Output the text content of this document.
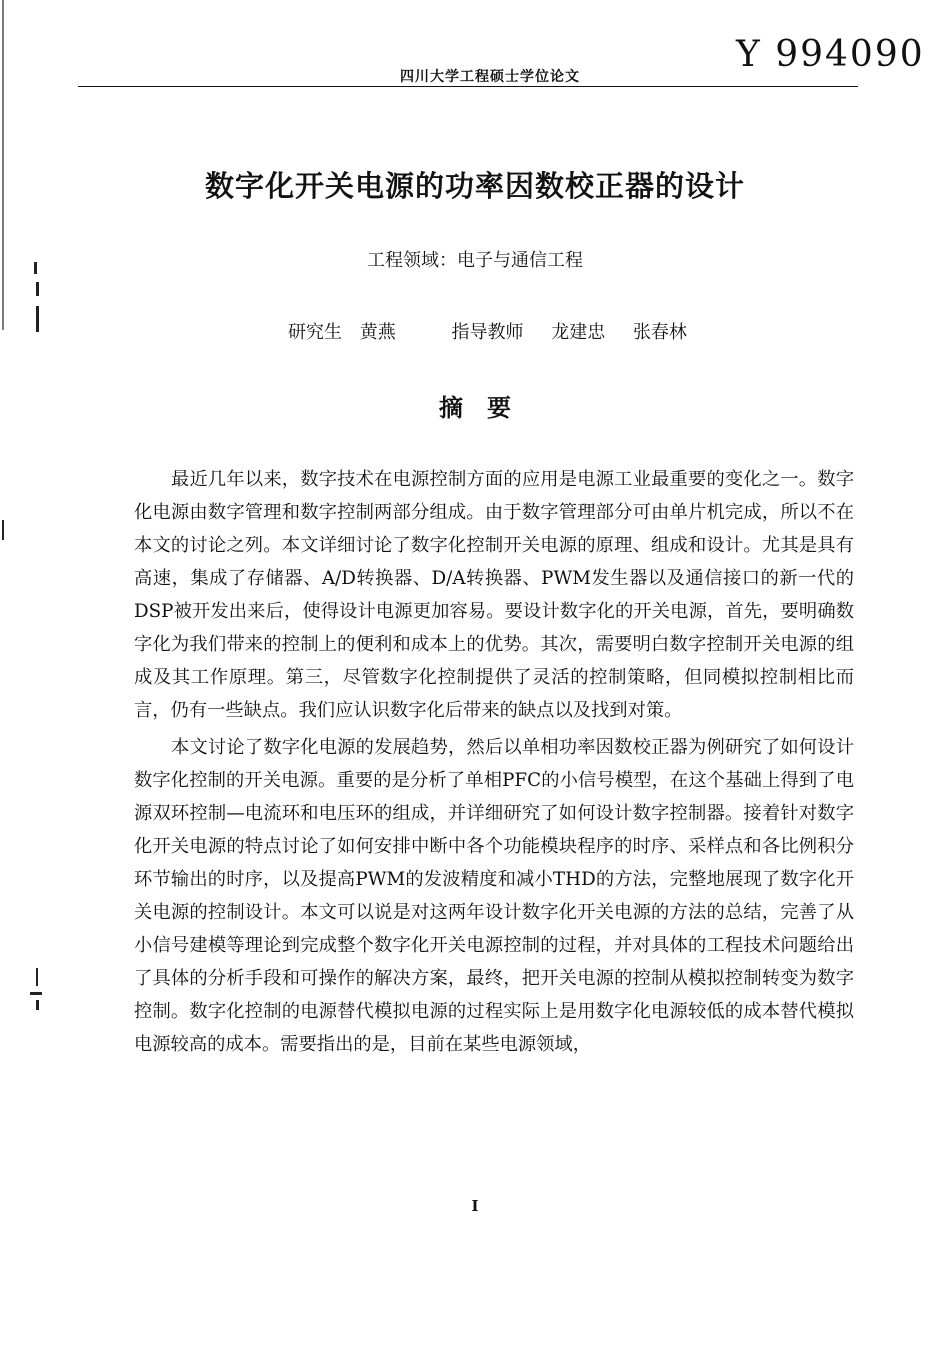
四川大学工程硕士学位论文
Y 994090
数字化开关电源的功率因数校正器的设计
工程领域：电子与通信工程
研究生 黄燕	指导教师 龙建忠 张春林
摘要

最近几年以来，数字技术在电源控制方面的应用是电源工业最重要的变化之一。数字化电源由数字管理和数字控制两部分组成。由于数字管理部分可由单片机完成，所以不在本文的讨论之列。本文详细讨论了数字化控制开关电源的原理、组成和设计。尤其是具有高速，集成了存储器、A/D转换器、D/A转换器、PWM发生器以及通信接口的新一代的DSP被开发出来后，使得设计电源更加容易。要设计数字化的开关电源，首先，要明确数字化为我们带来的控制上的便利和成本上的优势。其次，需要明白数字控制开关电源的组成及其工作原理。第三，尽管数字化控制提供了灵活的控制策略，但同模拟控制相比而言，仍有一些缺点。我们应认识数字化后带来的缺点以及找到对策。

本文讨论了数字化电源的发展趋势，然后以单相功率因数校正器为例研究了如何设计数字化控制的开关电源。重要的是分析了单相PFC的小信号模型，在这个基础上得到了电源双环控制—电流环和电压环的组成，并详细研究了如何设计数字控制器。接着针对数字化开关电源的特点讨论了如何安排中断中各个功能模块程序的时序、采样点和各比例积分环节输出的时序，以及提高PWM的发波精度和减小THD的方法，完整地展现了数字化开关电源的控制设计。本文可以说是对这两年设计数字化开关电源的方法的总结，完善了从小信号建模等理论到完成整个数字化开关电源控制的过程，并对具体的工程技术问题给出了具体的分析手段和可操作的解决方案，最终，把开关电源的控制从模拟控制转变为数字控制。数字化控制的电源替代模拟电源的过程实际上是用数字化电源较低的成本替代模拟电源较高的成本。需要指出的是，目前在某些电源领域，

I
